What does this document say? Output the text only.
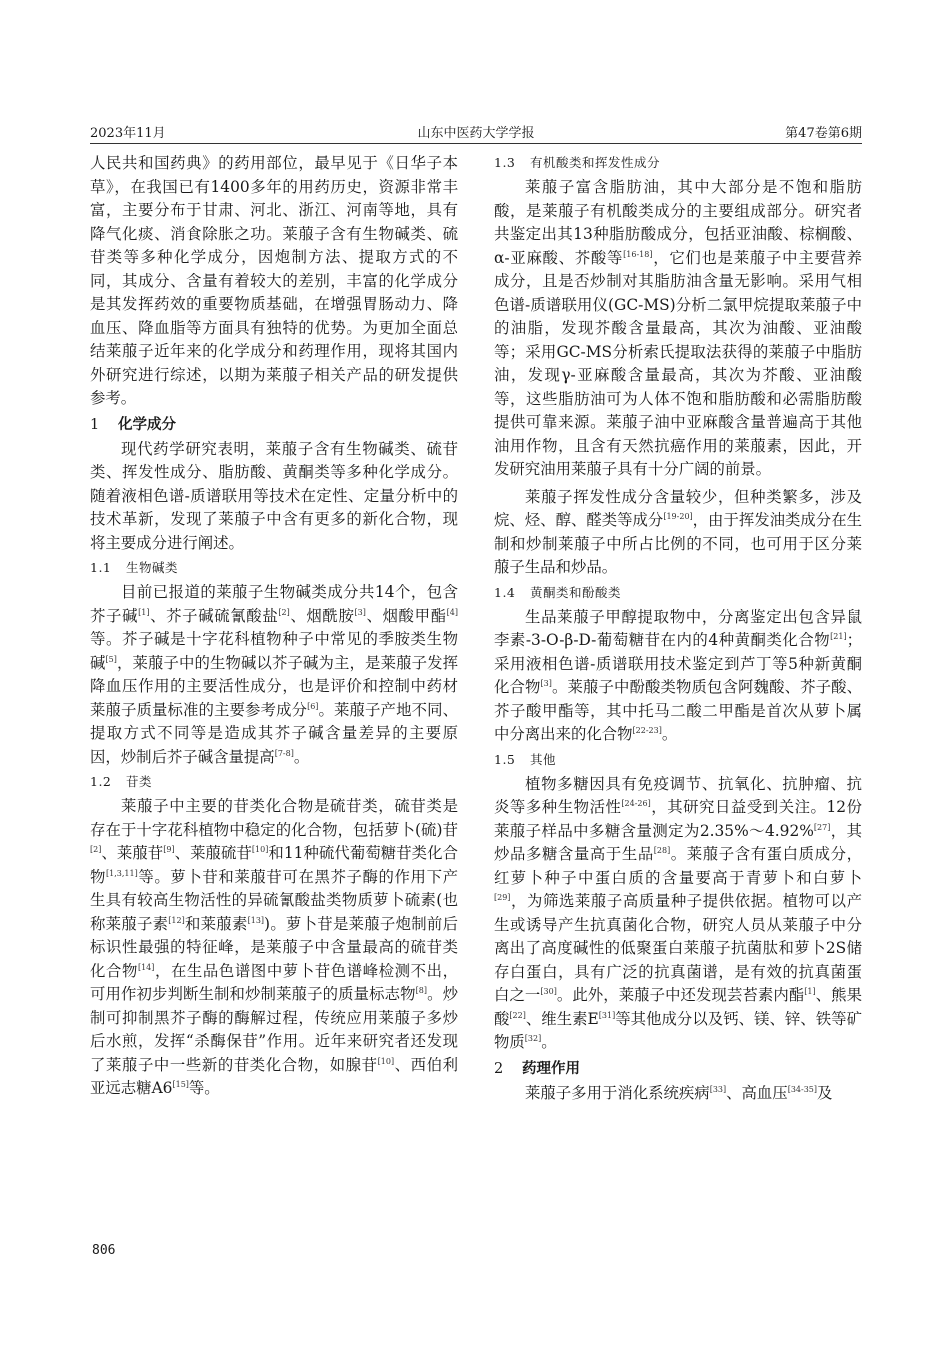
2023年11月	山东中医药大学学报	第47卷第6期

人民共和国药典》的药用部位，最早见于《日华子本草》，在我国已有1400多年的用药历史，资源非常丰富，主要分布于甘肃、河北、浙江、河南等地，具有降气化痰、消食除胀之功。莱菔子含有生物碱类、硫苷类等多种化学成分，因炮制方法、提取方式的不同，其成分、含量有着较大的差别，丰富的化学成分是其发挥药效的重要物质基础，在增强胃肠动力、降血压、降血脂等方面具有独特的优势。为更加全面总结莱菔子近年来的化学成分和药理作用，现将其国内外研究进行综述，以期为莱菔子相关产品的研发提供参考。

1 化学成分

现代药学研究表明，莱菔子含有生物碱类、硫苷类、挥发性成分、脂肪酸、黄酮类等多种化学成分。随着液相色谱-质谱联用等技术在定性、定量分析中的技术革新，发现了莱菔子中含有更多的新化合物，现将主要成分进行阐述。

1.1 生物碱类

目前已报道的莱菔子生物碱类成分共14个，包含芥子碱[1]、芥子碱硫氰酸盐[2]、烟酰胺[3]、烟酸甲酯[4]等。芥子碱是十字花科植物种子中常见的季胺类生物碱[5]，莱菔子中的生物碱以芥子碱为主，是莱菔子发挥降血压作用的主要活性成分，也是评价和控制中药材莱菔子质量标准的主要参考成分[6]。莱菔子产地不同、提取方式不同等是造成其芥子碱含量差异的主要原因，炒制后芥子碱含量提高[7-8]。

1.2 苷类

莱菔子中主要的苷类化合物是硫苷类，硫苷类是存在于十字花科植物中稳定的化合物，包括萝卜(硫)苷[2]、莱菔苷[9]、莱菔硫苷[10]和11种硫代葡萄糖苷类化合物[1,3,11]等。萝卜苷和莱菔苷可在黑芥子酶的作用下产生具有较高生物活性的异硫氰酸盐类物质萝卜硫素(也称莱菔子素[12]和莱菔素[13])。萝卜苷是莱菔子炮制前后标识性最强的特征峰，是莱菔子中含量最高的硫苷类化合物[14]，在生品色谱图中萝卜苷色谱峰检测不出，可用作初步判断生制和炒制莱菔子的质量标志物[8]。炒制可抑制黑芥子酶的酶解过程，传统应用莱菔子多炒后水煎，发挥“杀酶保苷”作用。近年来研究者还发现了莱菔子中一些新的苷类化合物，如腺苷[10]、西伯利亚远志糖A6[15]等。

1.3 有机酸类和挥发性成分

莱菔子富含脂肪油，其中大部分是不饱和脂肪酸，是莱菔子有机酸类成分的主要组成部分。研究者共鉴定出其13种脂肪酸成分，包括亚油酸、棕榈酸、α-亚麻酸、芥酸等[16-18]，它们也是莱菔子中主要营养成分，且是否炒制对其脂肪油含量无影响。采用气相色谱-质谱联用仪(GC-MS)分析二氯甲烷提取莱菔子中的油脂，发现芥酸含量最高，其次为油酸、亚油酸等；采用GC-MS分析索氏提取法获得的莱菔子中脂肪油，发现γ-亚麻酸含量最高，其次为芥酸、亚油酸等，这些脂肪油可为人体不饱和脂肪酸和必需脂肪酸提供可靠来源。莱菔子油中亚麻酸含量普遍高于其他油用作物，且含有天然抗癌作用的莱菔素，因此，开发研究油用莱菔子具有十分广阔的前景。

莱菔子挥发性成分含量较少，但种类繁多，涉及烷、烃、醇、醛类等成分[19-20]，由于挥发油类成分在生制和炒制莱菔子中所占比例的不同，也可用于区分莱菔子生品和炒品。

1.4 黄酮类和酚酸类

生品莱菔子甲醇提取物中，分离鉴定出包含异鼠李素-3-O-β-D-葡萄糖苷在内的4种黄酮类化合物[21]；采用液相色谱-质谱联用技术鉴定到芦丁等5种新黄酮化合物[3]。莱菔子中酚酸类物质包含阿魏酸、芥子酸、芥子酸甲酯等，其中托马二酸二甲酯是首次从萝卜属中分离出来的化合物[22-23]。

1.5 其他

植物多糖因具有免疫调节、抗氧化、抗肿瘤、抗炎等多种生物活性[24-26]，其研究日益受到关注。12份莱菔子样品中多糖含量测定为2.35%～4.92%[27]，其炒品多糖含量高于生品[28]。莱菔子含有蛋白质成分，红萝卜种子中蛋白质的含量要高于青萝卜和白萝卜[29]，为筛选莱菔子高质量种子提供依据。植物可以产生或诱导产生抗真菌化合物，研究人员从莱菔子中分离出了高度碱性的低聚蛋白莱菔子抗菌肽和萝卜2S储存白蛋白，具有广泛的抗真菌谱，是有效的抗真菌蛋白之一[30]。此外，莱菔子中还发现芸苔素内酯[1]、熊果酸[22]、维生素E[31]等其他成分以及钙、镁、锌、铁等矿物质[32]。

2 药理作用

莱菔子多用于消化系统疾病[33]、高血压[34-35]及

806
